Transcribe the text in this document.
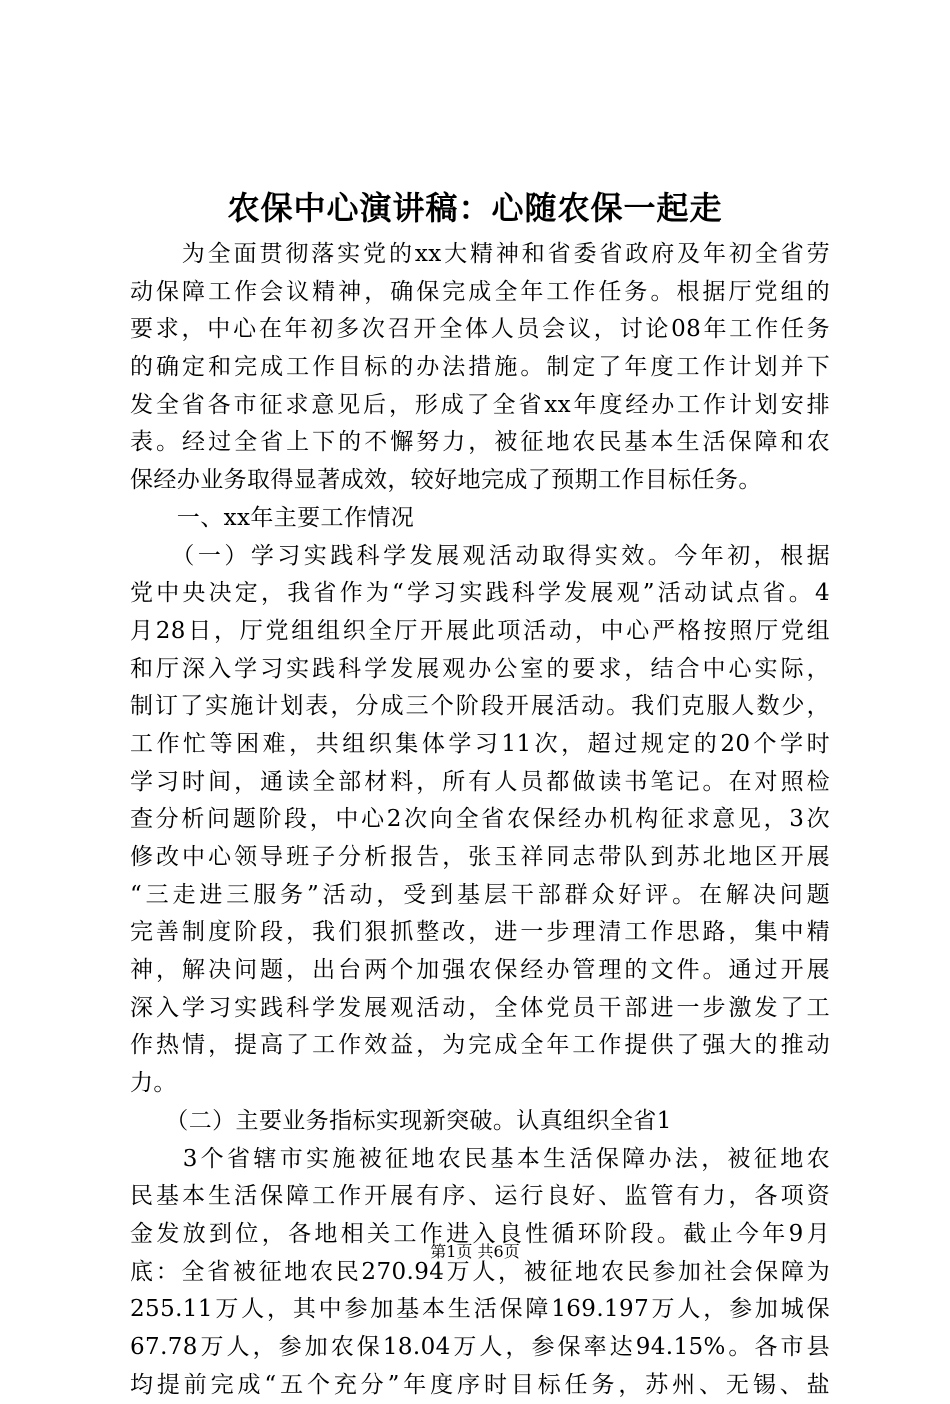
农保中心演讲稿：心随农保一起走
　　为全面贯彻落实党的xx大精神和省委省政府及年初全省劳
动保障工作会议精神，确保完成全年工作任务。根据厅党组的
要求，中心在年初多次召开全体人员会议，讨论08年工作任务
的确定和完成工作目标的办法措施。制定了年度工作计划并下
发全省各市征求意见后，形成了全省xx年度经办工作计划安排
表。经过全省上下的不懈努力，被征地农民基本生活保障和农
保经办业务取得显著成效，较好地完成了预期工作目标任务。
　　一、xx年主要工作情况
　　（一）学习实践科学发展观活动取得实效。今年初，根据
党中央决定，我省作为“学习实践科学发展观”活动试点省。4
月28日，厅党组组织全厅开展此项活动，中心严格按照厅党组
和厅深入学习实践科学发展观办公室的要求，结合中心实际，
制订了实施计划表，分成三个阶段开展活动。我们克服人数少，
工作忙等困难，共组织集体学习11次，超过规定的20个学时
学习时间，通读全部材料，所有人员都做读书笔记。在对照检
查分析问题阶段，中心2次向全省农保经办机构征求意见，3次
修改中心领导班子分析报告，张玉祥同志带队到苏北地区开展
“三走进三服务”活动，受到基层干部群众好评。在解决问题
完善制度阶段，我们狠抓整改，进一步理清工作思路，集中精
神，解决问题，出台两个加强农保经办管理的文件。通过开展
深入学习实践科学发展观活动，全体党员干部进一步激发了工
作热情，提高了工作效益，为完成全年工作提供了强大的推动
力。
　　（二）主要业务指标实现新突破。认真组织全省1
　　3个省辖市实施被征地农民基本生活保障办法，被征地农
民基本生活保障工作开展有序、运行良好、监管有力，各项资
金发放到位，各地相关工作进入良性循环阶段。截止今年9月
底：全省被征地农民270.94万人，被征地农民参加社会保障为
255.11万人，其中参加基本生活保障169.197万人，参加城保
67.78万人，参加农保18.04万人，参保率达94.15%。各市县
均提前完成“五个充分”年度序时目标任务，苏州、无锡、盐
第1页 共6页
